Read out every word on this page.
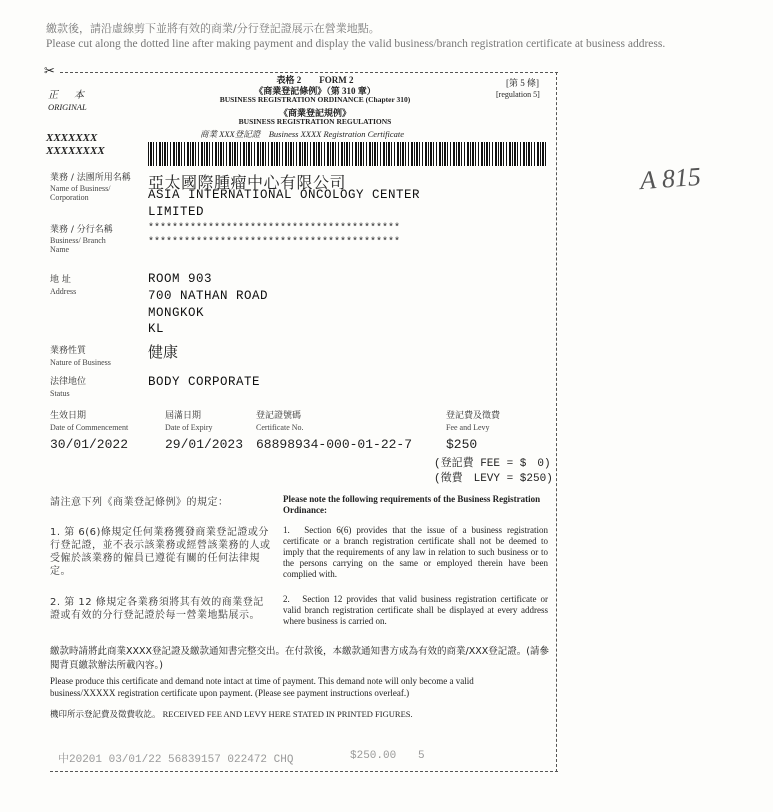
繳款後，請沿虛線剪下並將有效的商業/分行登記證展示在營業地點。
Please cut along the dotted line after making payment and display the valid business/branch registration certificate at business address.
✂
正　本
ORIGINAL
XXXXXXX
XXXXXXXX
表格 2　　FORM 2
《商業登記條例》（第 310 章）
BUSINESS REGISTRATION ORDINANCE (Chapter 310)
《商業登記規例》
BUSINESS REGISTRATION REGULATIONS
商業 XXX登記證　Business XXXX Registration Certificate
[第 5 條]
[regulation 5]
A 815
業務 / 法團所用名稱
Name of Business/ Corporation
亞太國際腫瘤中心有限公司
ASIA INTERNATIONAL ONCOLOGY CENTER
LIMITED
業務 / 分行名稱
Business/ Branch Name
******************************************
******************************************
地 址
Address
ROOM 903
700 NATHAN ROAD
MONGKOK
KL
業務性質
Nature of Business
健康
法律地位
Status
BODY CORPORATE
生效日期
Date of Commencement
30/01/2022
屆滿日期
Date of Expiry
29/01/2023
登記證號碼
Certificate No.
68898934-000-01-22-7
登記費及徵費
Fee and Levy
$250
(登記費 FEE = $　0)
(徵費　LEVY = $250)
請注意下列《商業登記條例》的規定：	Please note the following requirements of the Business Registration Ordinance:
1. 第 6(6)條規定任何業務獲發商業登記證或分行登記證，並不表示該業務或經營該業務的人或受僱於該業務的僱員已遵從有關的任何法律規定。
1.　Section 6(6) provides that the issue of a business registration certificate or a branch registration certificate shall not be deemed to imply that the requirements of any law in relation to such business or to the persons carrying on the same or employed therein have been complied with.
2. 第 12 條規定各業務須將其有效的商業登記證或有效的分行登記證於每一營業地點展示。
2.　Section 12 provides that valid business registration certificate or valid branch registration certificate shall be displayed at every address where business is carried on.
繳款時請將此商業XXXX登記證及繳款通知書完整交出。在付款後，本繳款通知書方成為有效的商業/XXX登記證。(請參閱背頁繳款辦法所載內容。)
Please produce this certificate and demand note intact at time of payment. This demand note will only become a valid
business/XXXXX registration certificate upon payment. (Please see payment instructions overleaf.)
機印所示登記費及徵費收訖。 RECEIVED FEE AND LEVY HERE STATED IN PRINTED FIGURES.
中20201 03/01/22 56839157 022472 CHQ	$250.00 5
